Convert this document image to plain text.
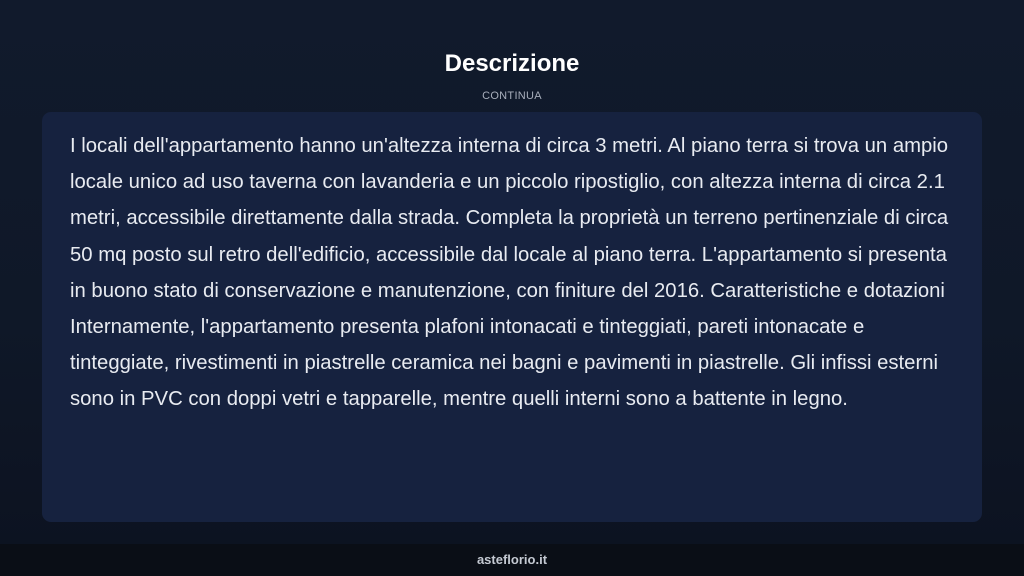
Descrizione
CONTINUA

I locali dell'appartamento hanno un'altezza interna di circa 3 metri. Al piano terra si trova un ampio locale unico ad uso taverna con lavanderia e un piccolo ripostiglio, con altezza interna di circa 2.1 metri, accessibile direttamente dalla strada. Completa la proprietà un terreno pertinenziale di circa 50 mq posto sul retro dell'edificio, accessibile dal locale al piano terra. L'appartamento si presenta in buono stato di conservazione e manutenzione, con finiture del 2016. Caratteristiche e dotazioni Internamente, l'appartamento presenta plafoni intonacati e tinteggiati, pareti intonacate e tinteggiate, rivestimenti in piastrelle ceramica nei bagni e pavimenti in piastrelle. Gli infissi esterni sono in PVC con doppi vetri e tapparelle, mentre quelli interni sono a battente in legno.

asteflorio.it
